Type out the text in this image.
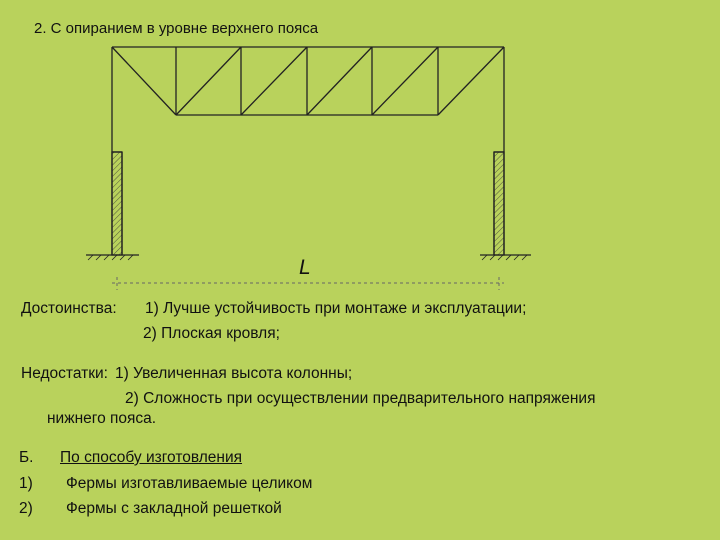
2. С опиранием в уровне верхнего пояса
L
Достоинства: 1) Лучше устойчивость при монтаже и эксплуатации;
2) Плоская кровля;
Недостатки: 1) Увеличенная высота колонны;
2) Сложность при осуществлении предварительного напряжения
нижнего пояса.
Б. По способу изготовления
1) Фермы изготавливаемые целиком
2) Фермы с закладной решеткой
